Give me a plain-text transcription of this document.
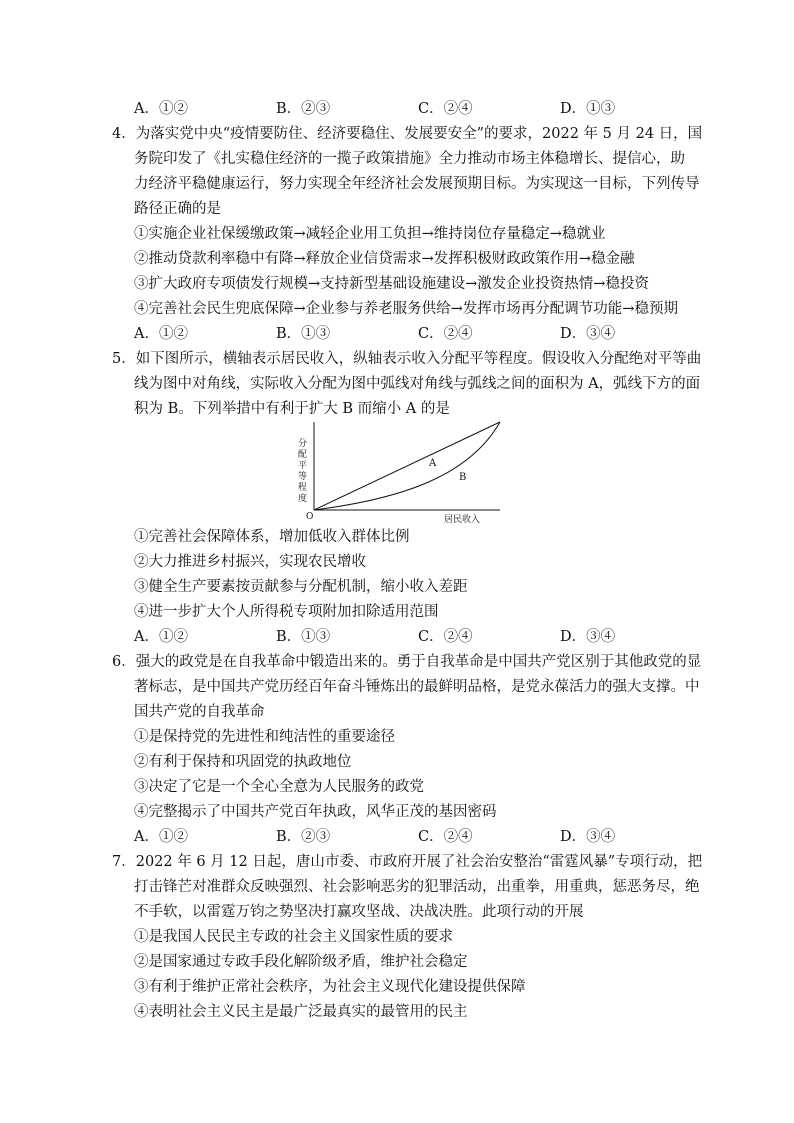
A．①②	B．②③	C．②④	D．①③
4．为落实党中央“疫情要防住、经济要稳住、发展要安全”的要求，2022 年 5 月 24 日，国
务院印发了《扎实稳住经济的一揽子政策措施》全力推动市场主体稳增长、提信心，助
力经济平稳健康运行，努力实现全年经济社会发展预期目标。为实现这一目标，下列传导
路径正确的是
①实施企业社保缓缴政策→减轻企业用工负担→维持岗位存量稳定→稳就业
②推动贷款利率稳中有降→释放企业信贷需求→发挥积极财政政策作用→稳金融
③扩大政府专项债发行规模→支持新型基础设施建设→激发企业投资热情→稳投资
④完善社会民生兜底保障→企业参与养老服务供给→发挥市场再分配调节功能→稳预期
A．①②	B．①③	C．②④	D．③④
5．如下图所示，横轴表示居民收入，纵轴表示收入分配平等程度。假设收入分配绝对平等曲
线为图中对角线，实际收入分配为图中弧线对角线与弧线之间的面积为 A，弧线下方的面
积为 B。下列举措中有利于扩大 B 而缩小 A 的是
分
配
平
等
程
度
O	居民收入
A
B
①完善社会保障体系，增加低收入群体比例
②大力推进乡村振兴，实现农民增收
③健全生产要素按贡献参与分配机制，缩小收入差距
④进一步扩大个人所得税专项附加扣除适用范围
A．①②	B．①③	C．②④	D．③④
6．强大的政党是在自我革命中锻造出来的。勇于自我革命是中国共产党区别于其他政党的显
著标志，是中国共产党历经百年奋斗锤炼出的最鲜明品格，是党永葆活力的强大支撑。中
国共产党的自我革命
①是保持党的先进性和纯洁性的重要途径
②有利于保持和巩固党的执政地位
③决定了它是一个全心全意为人民服务的政党
④完整揭示了中国共产党百年执政，风华正茂的基因密码
A．①②	B．②③	C．②④	D．③④
7．2022 年 6 月 12 日起，唐山市委、市政府开展了社会治安整治“雷霆风暴”专项行动，把
打击锋芒对准群众反映强烈、社会影响恶劣的犯罪活动，出重拳，用重典，惩恶务尽，绝
不手软，以雷霆万钧之势坚决打赢攻坚战、决战决胜。此项行动的开展
①是我国人民民主专政的社会主义国家性质的要求
②是国家通过专政手段化解阶级矛盾，维护社会稳定
③有利于维护正常社会秩序，为社会主义现代化建设提供保障
④表明社会主义民主是最广泛最真实的最管用的民主
